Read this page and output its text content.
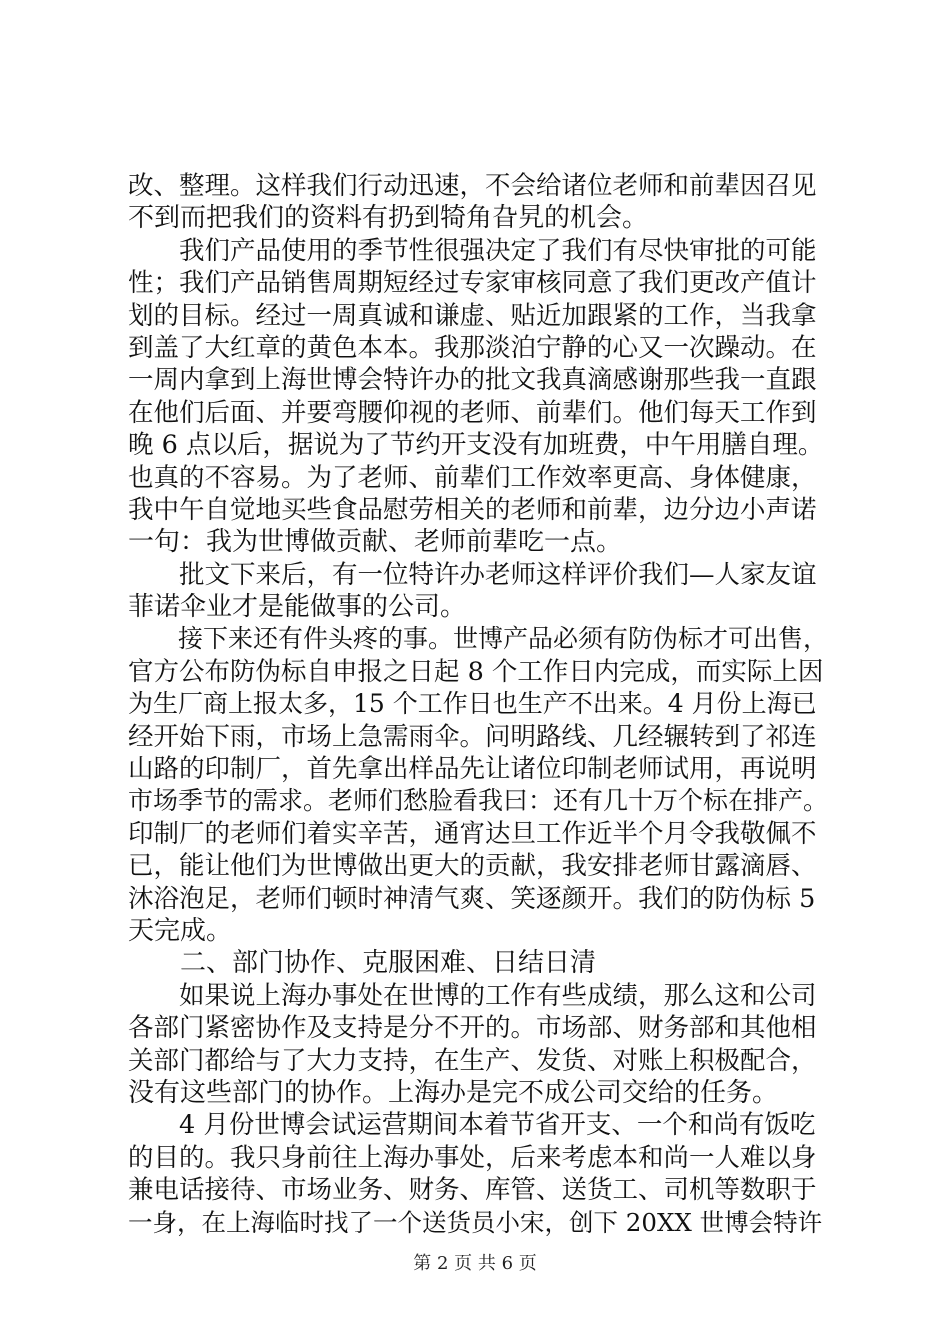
改、整理。这样我们行动迅速，不会给诸位老师和前辈因召见
不到而把我们的资料有扔到犄角旮旯的机会。
　　我们产品使用的季节性很强决定了我们有尽快审批的可能
性；我们产品销售周期短经过专家审核同意了我们更改产值计
划的目标。经过一周真诚和谦虚、贴近加跟紧的工作，当我拿
到盖了大红章的黄色本本。我那淡泊宁静的心又一次躁动。在
一周内拿到上海世博会特许办的批文我真滴感谢那些我一直跟
在他们后面、并要弯腰仰视的老师、前辈们。他们每天工作到
晚 6 点以后，据说为了节约开支没有加班费，中午用膳自理。
也真的不容易。为了老师、前辈们工作效率更高、身体健康，
我中午自觉地买些食品慰劳相关的老师和前辈，边分边小声诺
一句：我为世博做贡献、老师前辈吃一点。
　　批文下来后，有一位特许办老师这样评价我们—人家友谊
菲诺伞业才是能做事的公司。
　　接下来还有件头疼的事。世博产品必须有防伪标才可出售，
官方公布防伪标自申报之日起 8 个工作日内完成，而实际上因
为生厂商上报太多，15 个工作日也生产不出来。4 月份上海已
经开始下雨，市场上急需雨伞。问明路线、几经辗转到了祁连
山路的印制厂，首先拿出样品先让诸位印制老师试用，再说明
市场季节的需求。老师们愁脸看我曰：还有几十万个标在排产。
印制厂的老师们着实辛苦，通宵达旦工作近半个月令我敬佩不
已，能让他们为世博做出更大的贡献，我安排老师甘露滴唇、
沐浴泡足，老师们顿时神清气爽、笑逐颜开。我们的防伪标 5
天完成。
　　二、部门协作、克服困难、日结日清
　　如果说上海办事处在世博的工作有些成绩，那么这和公司
各部门紧密协作及支持是分不开的。市场部、财务部和其他相
关部门都给与了大力支持，在生产、发货、对账上积极配合，
没有这些部门的协作。上海办是完不成公司交给的任务。
　　4 月份世博会试运营期间本着节省开支、一个和尚有饭吃
的目的。我只身前往上海办事处，后来考虑本和尚一人难以身
兼电话接待、市场业务、财务、库管、送货工、司机等数职于
一身，在上海临时找了一个送货员小宋，创下 20XX 世博会特许
第 2 页 共 6 页
